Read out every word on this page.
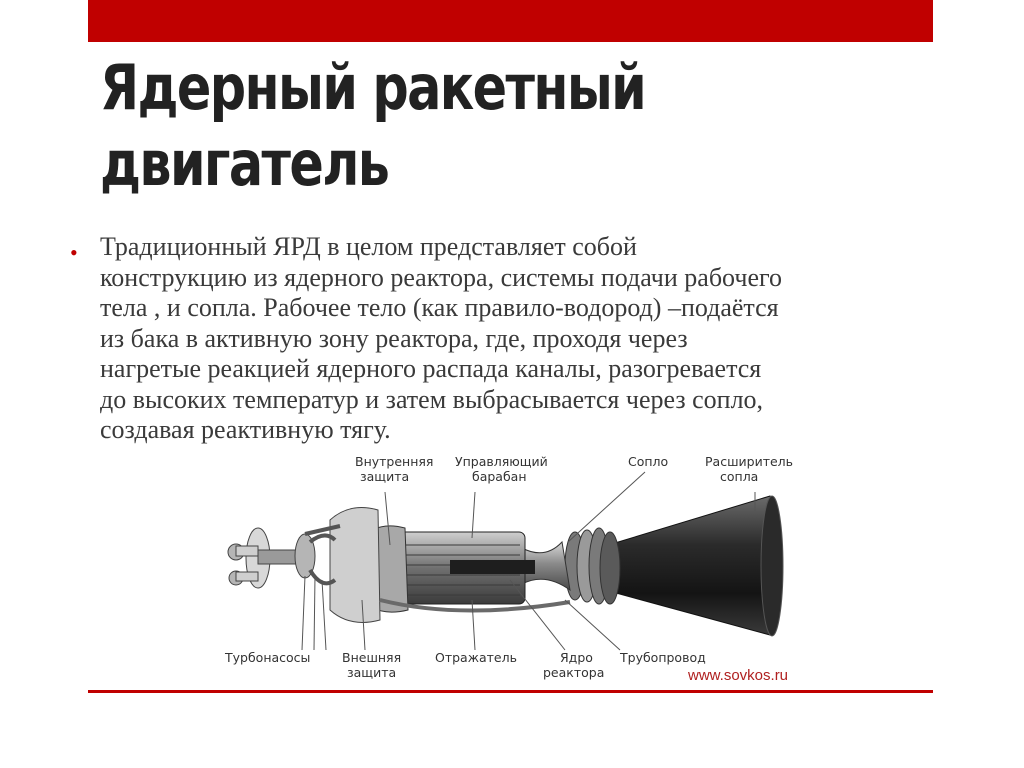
Ядерный ракетный
двигатель
• Традиционный ЯРД в целом представляет собой
конструкцию из ядерного реактора, системы подачи рабочего
тела , и сопла. Рабочее тело (как правило-водород) –подаётся
из бака в активную зону реактора, где, проходя через
нагретые реакцией ядерного распада каналы, разогревается
до высоких температур и затем выбрасывается через сопло,
создавая реактивную тягу.
Внутренняя защита
Управляющий барабан
Сопло	Расширитель сопла
Турбонасосы	Внешняя защита
Отражатель	Ядро реактора
Трубопровод
www.sovkos.ru
